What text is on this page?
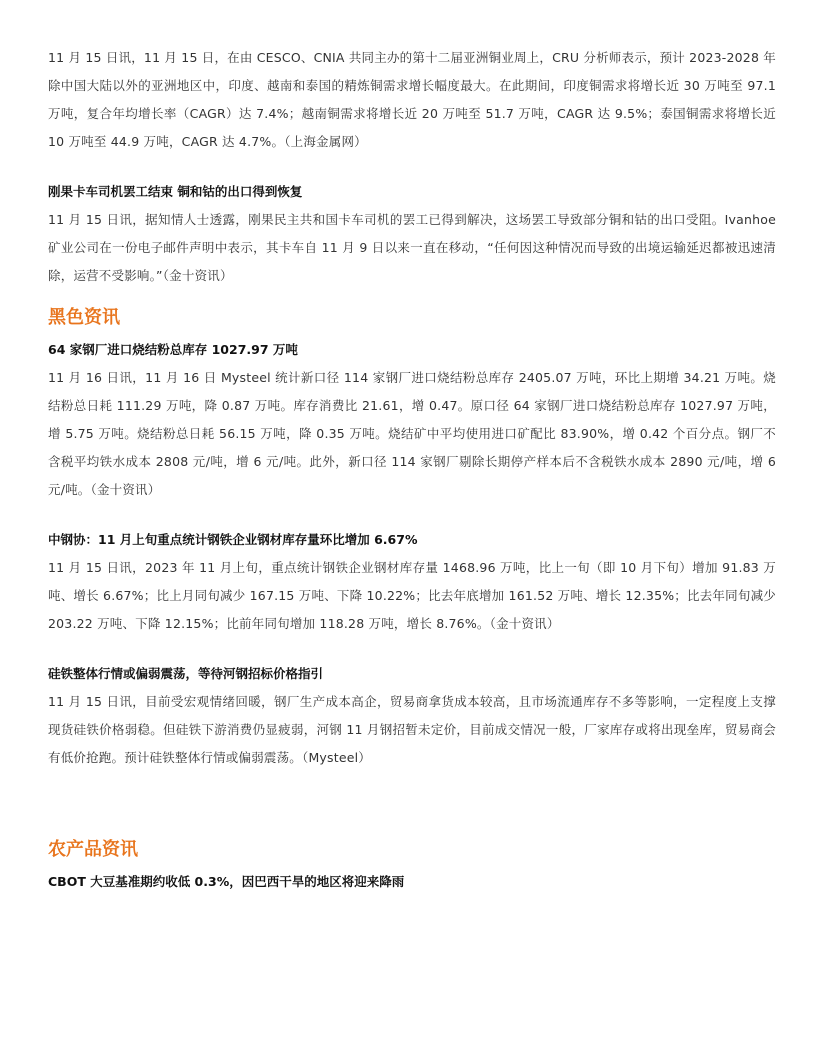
11 月 15 日讯，11 月 15 日，在由 CESCO、CNIA 共同主办的第十二届亚洲铜业周上，CRU 分析师表示，预计 2023-2028 年除中国大陆以外的亚洲地区中，印度、越南和泰国的精炼铜需求增长幅度最大。在此期间，印度铜需求将增长近 30 万吨至 97.1 万吨，复合年均增长率（CAGR）达 7.4%；越南铜需求将增长近 20 万吨至 51.7 万吨，CAGR 达 9.5%；泰国铜需求将增长近 10 万吨至 44.9 万吨，CAGR 达 4.7%。（上海金属网）

刚果卡车司机罢工结束 铜和钴的出口得到恢复

11 月 15 日讯，据知情人士透露，刚果民主共和国卡车司机的罢工已得到解决，这场罢工导致部分铜和钴的出口受阻。Ivanhoe 矿业公司在一份电子邮件声明中表示，其卡车自 11 月 9 日以来一直在移动，“任何因这种情况而导致的出境运输延迟都被迅速清除，运营不受影响。”（金十资讯）

黑色资讯
64 家钢厂进口烧结粉总库存 1027.97 万吨

11 月 16 日讯，11 月 16 日 Mysteel 统计新口径 114 家钢厂进口烧结粉总库存 2405.07 万吨，环比上期增 34.21 万吨。烧结粉总日耗 111.29 万吨，降 0.87 万吨。库存消费比 21.61，增 0.47。原口径 64 家钢厂进口烧结粉总库存 1027.97 万吨，增 5.75 万吨。烧结粉总日耗 56.15 万吨，降 0.35 万吨。烧结矿中平均使用进口矿配比 83.90%，增 0.42 个百分点。钢厂不含税平均铁水成本 2808 元/吨，增 6 元/吨。此外，新口径 114 家钢厂剔除长期停产样本后不含税铁水成本 2890 元/吨，增 6 元/吨。（金十资讯）

中钢协：11 月上旬重点统计钢铁企业钢材库存量环比增加 6.67%

11 月 15 日讯，2023 年 11 月上旬，重点统计钢铁企业钢材库存量 1468.96 万吨，比上一旬（即 10 月下旬）增加 91.83 万吨、增长 6.67%；比上月同旬减少 167.15 万吨、下降 10.22%；比去年底增加 161.52 万吨、增长 12.35%；比去年同旬减少 203.22 万吨、下降 12.15%；比前年同旬增加 118.28 万吨，增长 8.76%。（金十资讯）

硅铁整体行情或偏弱震荡，等待河钢招标价格指引

11 月 15 日讯，目前受宏观情绪回暖，钢厂生产成本高企，贸易商拿货成本较高，且市场流通库存不多等影响，一定程度上支撑现货硅铁价格弱稳。但硅铁下游消费仍显疲弱，河钢 11 月钢招暂未定价，目前成交情况一般，厂家库存或将出现垒库，贸易商会有低价抢跑。预计硅铁整体行情或偏弱震荡。（Mysteel）

农产品资讯
CBOT 大豆基准期约收低 0.3%，因巴西干旱的地区将迎来降雨
